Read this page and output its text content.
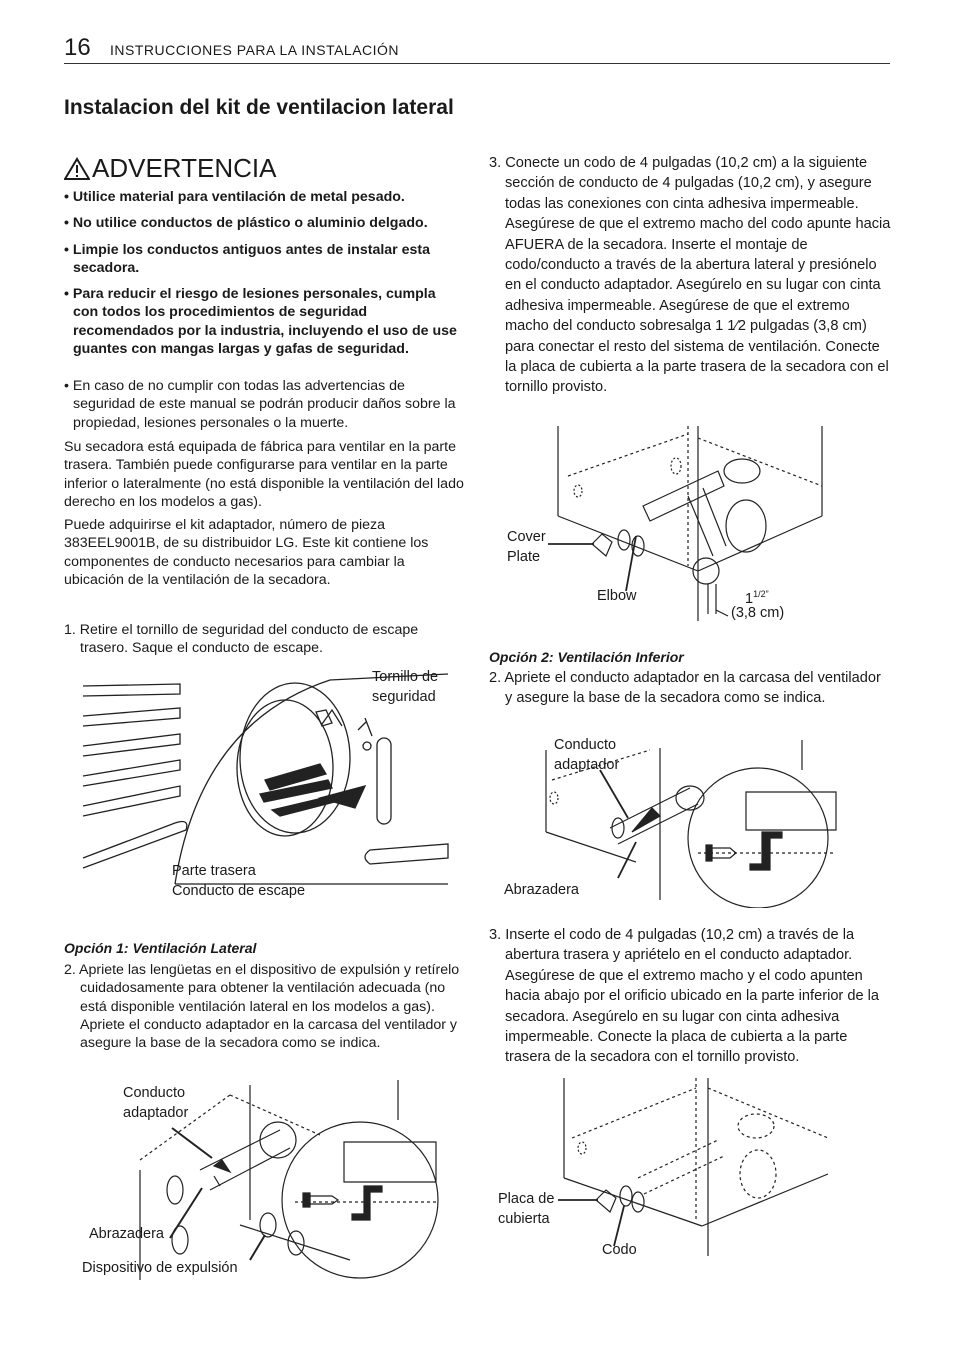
16 INSTRUCCIONES PARA LA INSTALACIÓN
Instalacion del kit de ventilacion lateral
ADVERTENCIA

• Utilice material para ventilación de metal pesado.

• No utilice conductos de plástico o aluminio delgado.

• Limpie los conductos antiguos antes de instalar esta secadora.

• Para reducir el riesgo de lesiones personales, cumpla con todos los procedimientos de seguridad recomendados por la industria, incluyendo el uso de use guantes con mangas largas y gafas de seguridad.

• En caso de no cumplir con todas las advertencias de seguridad de este manual se podrán producir daños sobre la propiedad, lesiones personales o la muerte.

Su secadora está equipada de fábrica para ventilar en la parte trasera. También puede configurarse para ventilar en la parte inferior o lateralmente (no está disponible la ventilación del lado derecho en los modelos a gas).

Puede adquirirse el kit adaptador, número de pieza 383EEL9001B, de su distribuidor LG. Este kit contiene los componentes de conducto necesarios para cambiar la ubicación de la ventilación de la secadora.

1. Retire el tornillo de seguridad del conducto de escape trasero. Saque el conducto de escape.

Tornillo de
seguridad
Parte trasera
Conducto de escape
Opción 1: Ventilación Lateral

2. Apriete las lengüetas en el dispositivo de expulsión y retírelo cuidadosamente para obtener la ventilación adecuada (no está disponible ventilación lateral en los modelos a gas). Apriete el conducto adaptador en la carcasa del ventilador y asegure la base de la secadora como se indica.

Conducto
adaptador
Abrazadera
Dispositivo de expulsión

3. Conecte un codo de 4 pulgadas (10,2 cm) a la siguiente sección de conducto de 4 pulgadas (10,2 cm), y asegure todas las conexiones con cinta adhesiva impermeable. Asegúrese de que el extremo macho del codo apunte hacia AFUERA de la secadora. Inserte el montaje de codo/conducto a través de la abertura lateral y presiónelo en el conducto adaptador. Asegúrelo en su lugar con cinta adhesiva impermeable. Asegúrese de que el extremo macho del conducto sobresalga 1 1⁄2 pulgadas (3,8 cm) para conectar el resto del sistema de ventilación. Conecte la placa de cubierta a la parte trasera de la secadora con el tornillo provisto.

Cover
Plate
Elbow	$1^{1/2”}$
(3,8 cm)
Opción 2: Ventilación Inferior

2. Apriete el conducto adaptador en la carcasa del ventilador y asegure la base de la secadora como se indica.

Conducto
adaptador
Abrazadera

3. Inserte el codo de 4 pulgadas (10,2 cm) a través de la abertura trasera y apriételo en el conducto adaptador. Asegúrese de que el extremo macho y el codo apunten hacia abajo por el orificio ubicado en la parte inferior de la secadora. Asegúrelo en su lugar con cinta adhesiva impermeable. Conecte la placa de cubierta a la parte trasera de la secadora con el tornillo provisto.

Placa de
cubierta
Codo
